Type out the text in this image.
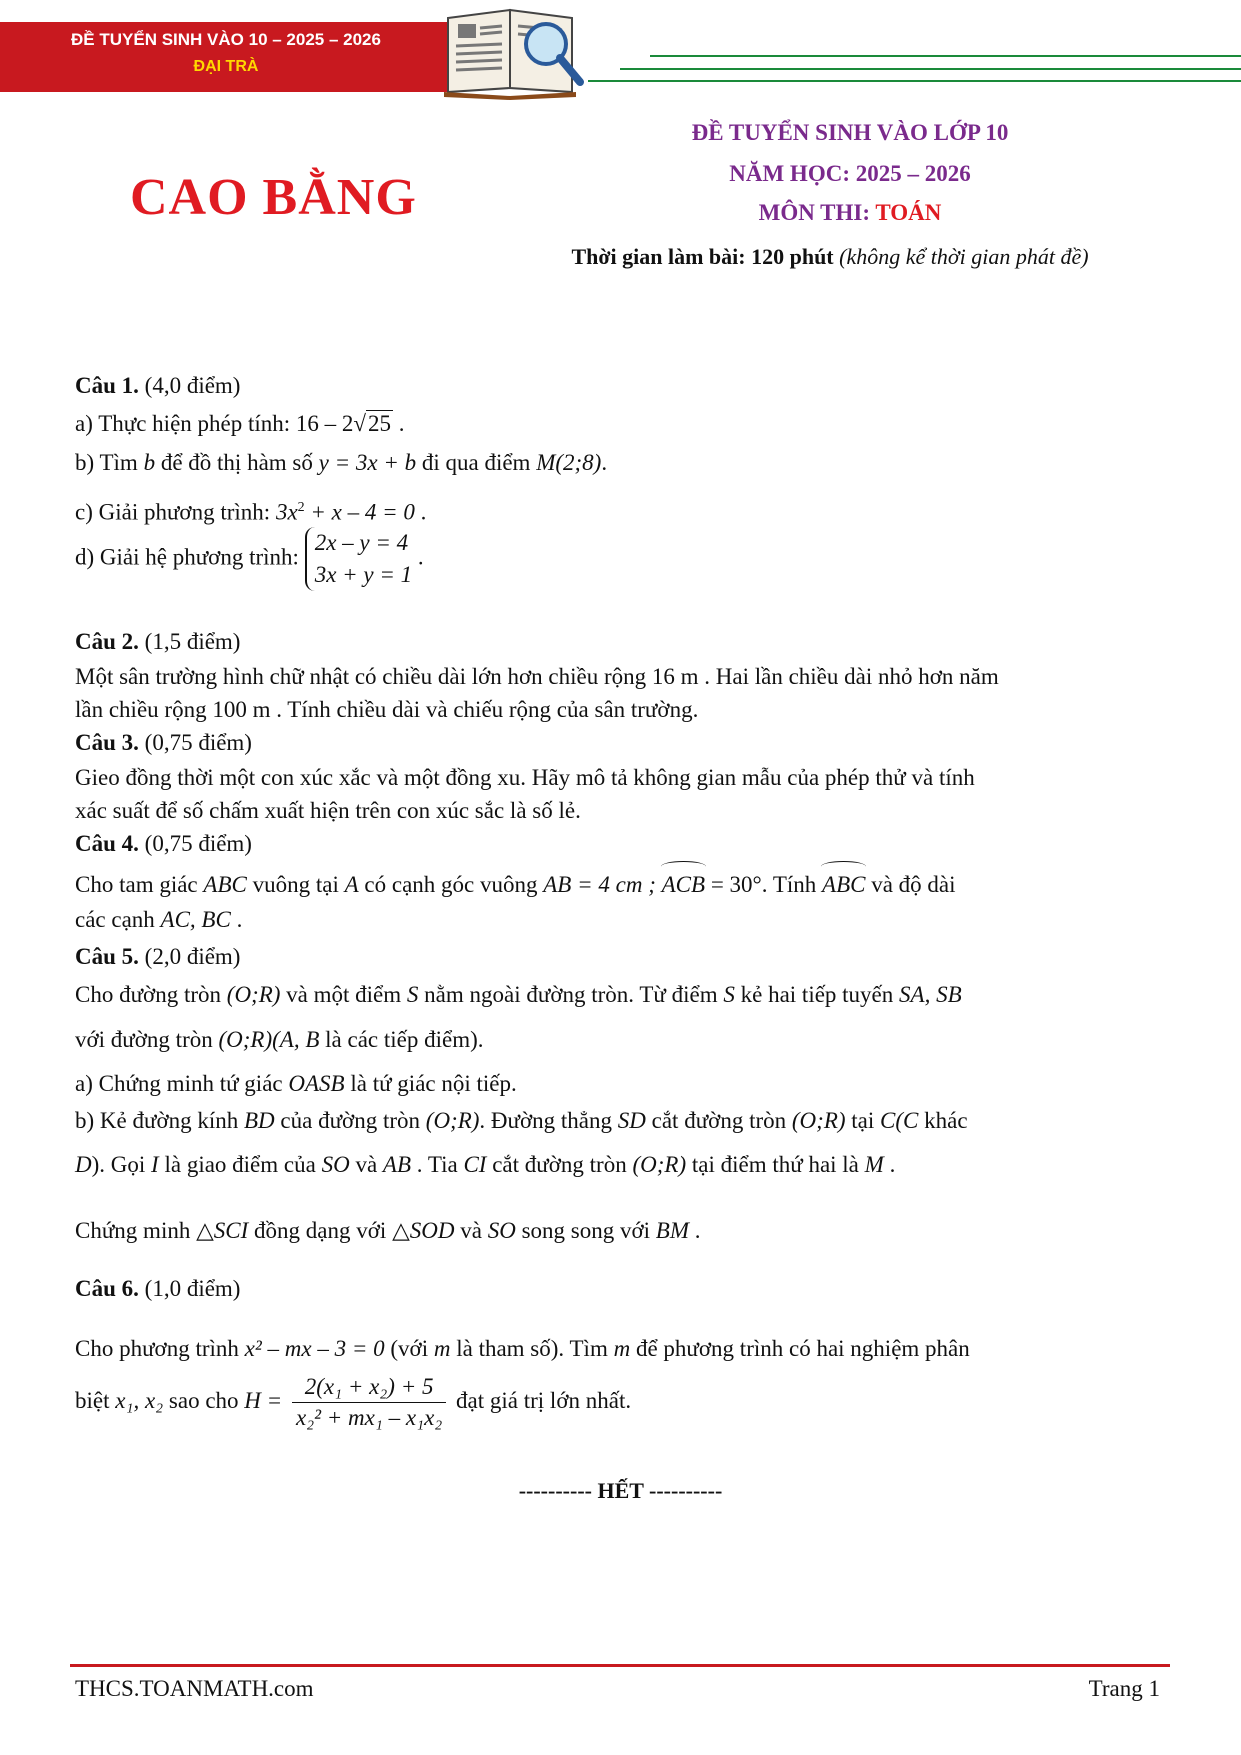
ĐỀ TUYỂN SINH VÀO 10 – 2025 – 2026
ĐẠI TRÀ
CAO BẰNG
ĐỀ TUYỂN SINH VÀO LỚP 10
NĂM HỌC: 2025 – 2026
MÔN THI: TOÁN
Thời gian làm bài: 120 phút (không kể thời gian phát đề)
Câu 1. (4,0 điểm)
a) Thực hiện phép tính: 16 – 2√25 .
b) Tìm b để đồ thị hàm số y = 3x + b đi qua điểm M(2;8).
c) Giải phương trình: $3x^2 + x - 4 = 0$ .
d) Giải hệ phương trình:
2x – y = 4
3x + y = 1
.
Câu 2. (1,5 điểm)
Một sân trường hình chữ nhật có chiều dài lớn hơn chiều rộng 16 m . Hai lần chiều dài nhỏ hơn năm
lần chiều rộng 100 m . Tính chiều dài và chiếu rộng của sân trường.
Câu 3. (0,75 điểm)
Gieo đồng thời một con xúc xắc và một đồng xu. Hãy mô tả không gian mẫu của phép thử và tính
xác suất để số chấm xuất hiện trên con xúc sắc là số lẻ.
Câu 4. (0,75 điểm)
Cho tam giác ABC vuông tại A có cạnh góc vuông AB = 4 cm ; ACB = 30°. Tính ABC và độ dài
các cạnh AC, BC .
Câu 5. (2,0 điểm)
Cho đường tròn (O;R) và một điểm S nằm ngoài đường tròn. Từ điểm S kẻ hai tiếp tuyến SA, SB
với đường tròn (O;R)(A, B là các tiếp điểm).
a) Chứng minh tứ giác OASB là tứ giác nội tiếp.
b) Kẻ đường kính BD của đường tròn (O;R). Đường thẳng SD cắt đường tròn (O;R) tại C(C khác
D). Gọi I là giao điểm của SO và AB . Tia CI cắt đường tròn (O;R) tại điểm thứ hai là M .
Chứng minh △SCI đồng dạng với △SOD và SO song song với BM .
Câu 6. (1,0 điểm)
Cho phương trình x² – mx – 3 = 0 (với m là tham số). Tìm m để phương trình có hai nghiệm phân
biệt x₁, x₂ sao cho $H = \frac{\text{2(x₁ + x₂) + 5}}{\text{x₂² + mx₁ – x₁x₂}}$ đạt giá trị lớn nhất.
---------- HẾT ----------
THCS.TOANMATH.com	Trang 1
